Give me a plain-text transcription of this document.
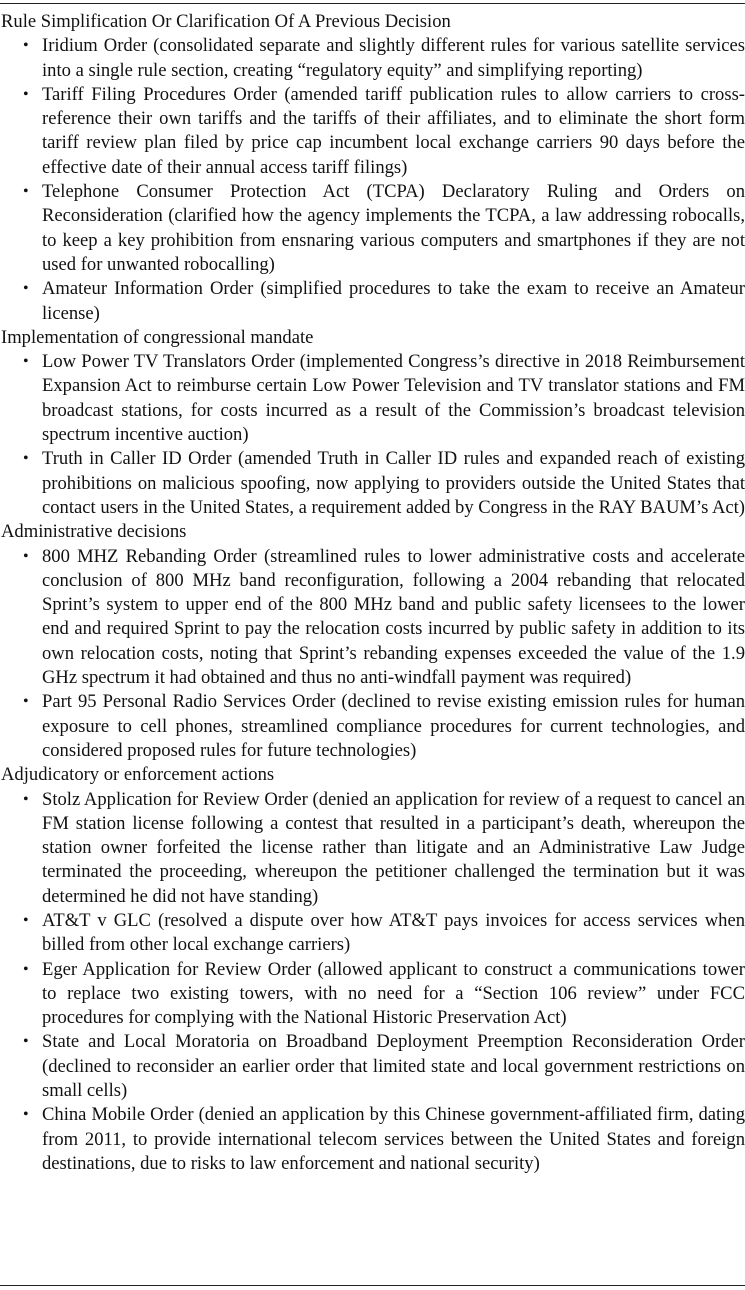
Rule Simplification Or Clarification Of A Previous Decision

• Iridium Order (consolidated separate and slightly different rules for various satellite services into a single rule section, creating “regulatory equity” and simplifying reporting)
• Tariff Filing Procedures Order (amended tariff publication rules to allow carriers to cross-reference their own tariffs and the tariffs of their affiliates, and to eliminate the short form tariff review plan filed by price cap incumbent local exchange carriers 90 days before the effective date of their annual access tariff filings)
• Telephone Consumer Protection Act (TCPA) Declaratory Ruling and Orders on Reconsideration (clarified how the agency implements the TCPA, a law addressing robocalls, to keep a key prohibition from ensnaring various computers and smartphones if they are not used for unwanted robocalling)
• Amateur Information Order (simplified procedures to take the exam to receive an Amateur license)

Implementation of congressional mandate

• Low Power TV Translators Order (implemented Congress’s directive in 2018 Reimbursement Expansion Act to reimburse certain Low Power Television and TV translator stations and FM broadcast stations, for costs incurred as a result of the Commission’s broadcast television spectrum incentive auction)
• Truth in Caller ID Order (amended Truth in Caller ID rules and expanded reach of existing prohibitions on malicious spoofing, now applying to providers outside the United States that contact users in the United States, a requirement added by Congress in the RAY BAUM’s Act)

Administrative decisions

• 800 MHZ Rebanding Order (streamlined rules to lower administrative costs and accelerate conclusion of 800 MHz band reconfiguration, following a 2004 rebanding that relocated Sprint’s system to upper end of the 800 MHz band and public safety licensees to the lower end and required Sprint to pay the relocation costs incurred by public safety in addition to its own relocation costs, noting that Sprint’s rebanding expenses exceeded the value of the 1.9 GHz spectrum it had obtained and thus no anti-windfall payment was required)
• Part 95 Personal Radio Services Order (declined to revise existing emission rules for human exposure to cell phones, streamlined compliance procedures for current technologies, and considered proposed rules for future technologies)

Adjudicatory or enforcement actions

• Stolz Application for Review Order (denied an application for review of a request to cancel an FM station license following a contest that resulted in a participant’s death, whereupon the station owner forfeited the license rather than litigate and an Administrative Law Judge terminated the proceeding, whereupon the petitioner challenged the termination but it was determined he did not have standing)
• AT&T v GLC (resolved a dispute over how AT&T pays invoices for access services when billed from other local exchange carriers)
• Eger Application for Review Order (allowed applicant to construct a communications tower to replace two existing towers, with no need for a “Section 106 review” under FCC procedures for complying with the National Historic Preservation Act)
• State and Local Moratoria on Broadband Deployment Preemption Reconsideration Order (declined to reconsider an earlier order that limited state and local government restrictions on small cells)
• China Mobile Order (denied an application by this Chinese government-affiliated firm, dating from 2011, to provide international telecom services between the United States and foreign destinations, due to risks to law enforcement and national security)
